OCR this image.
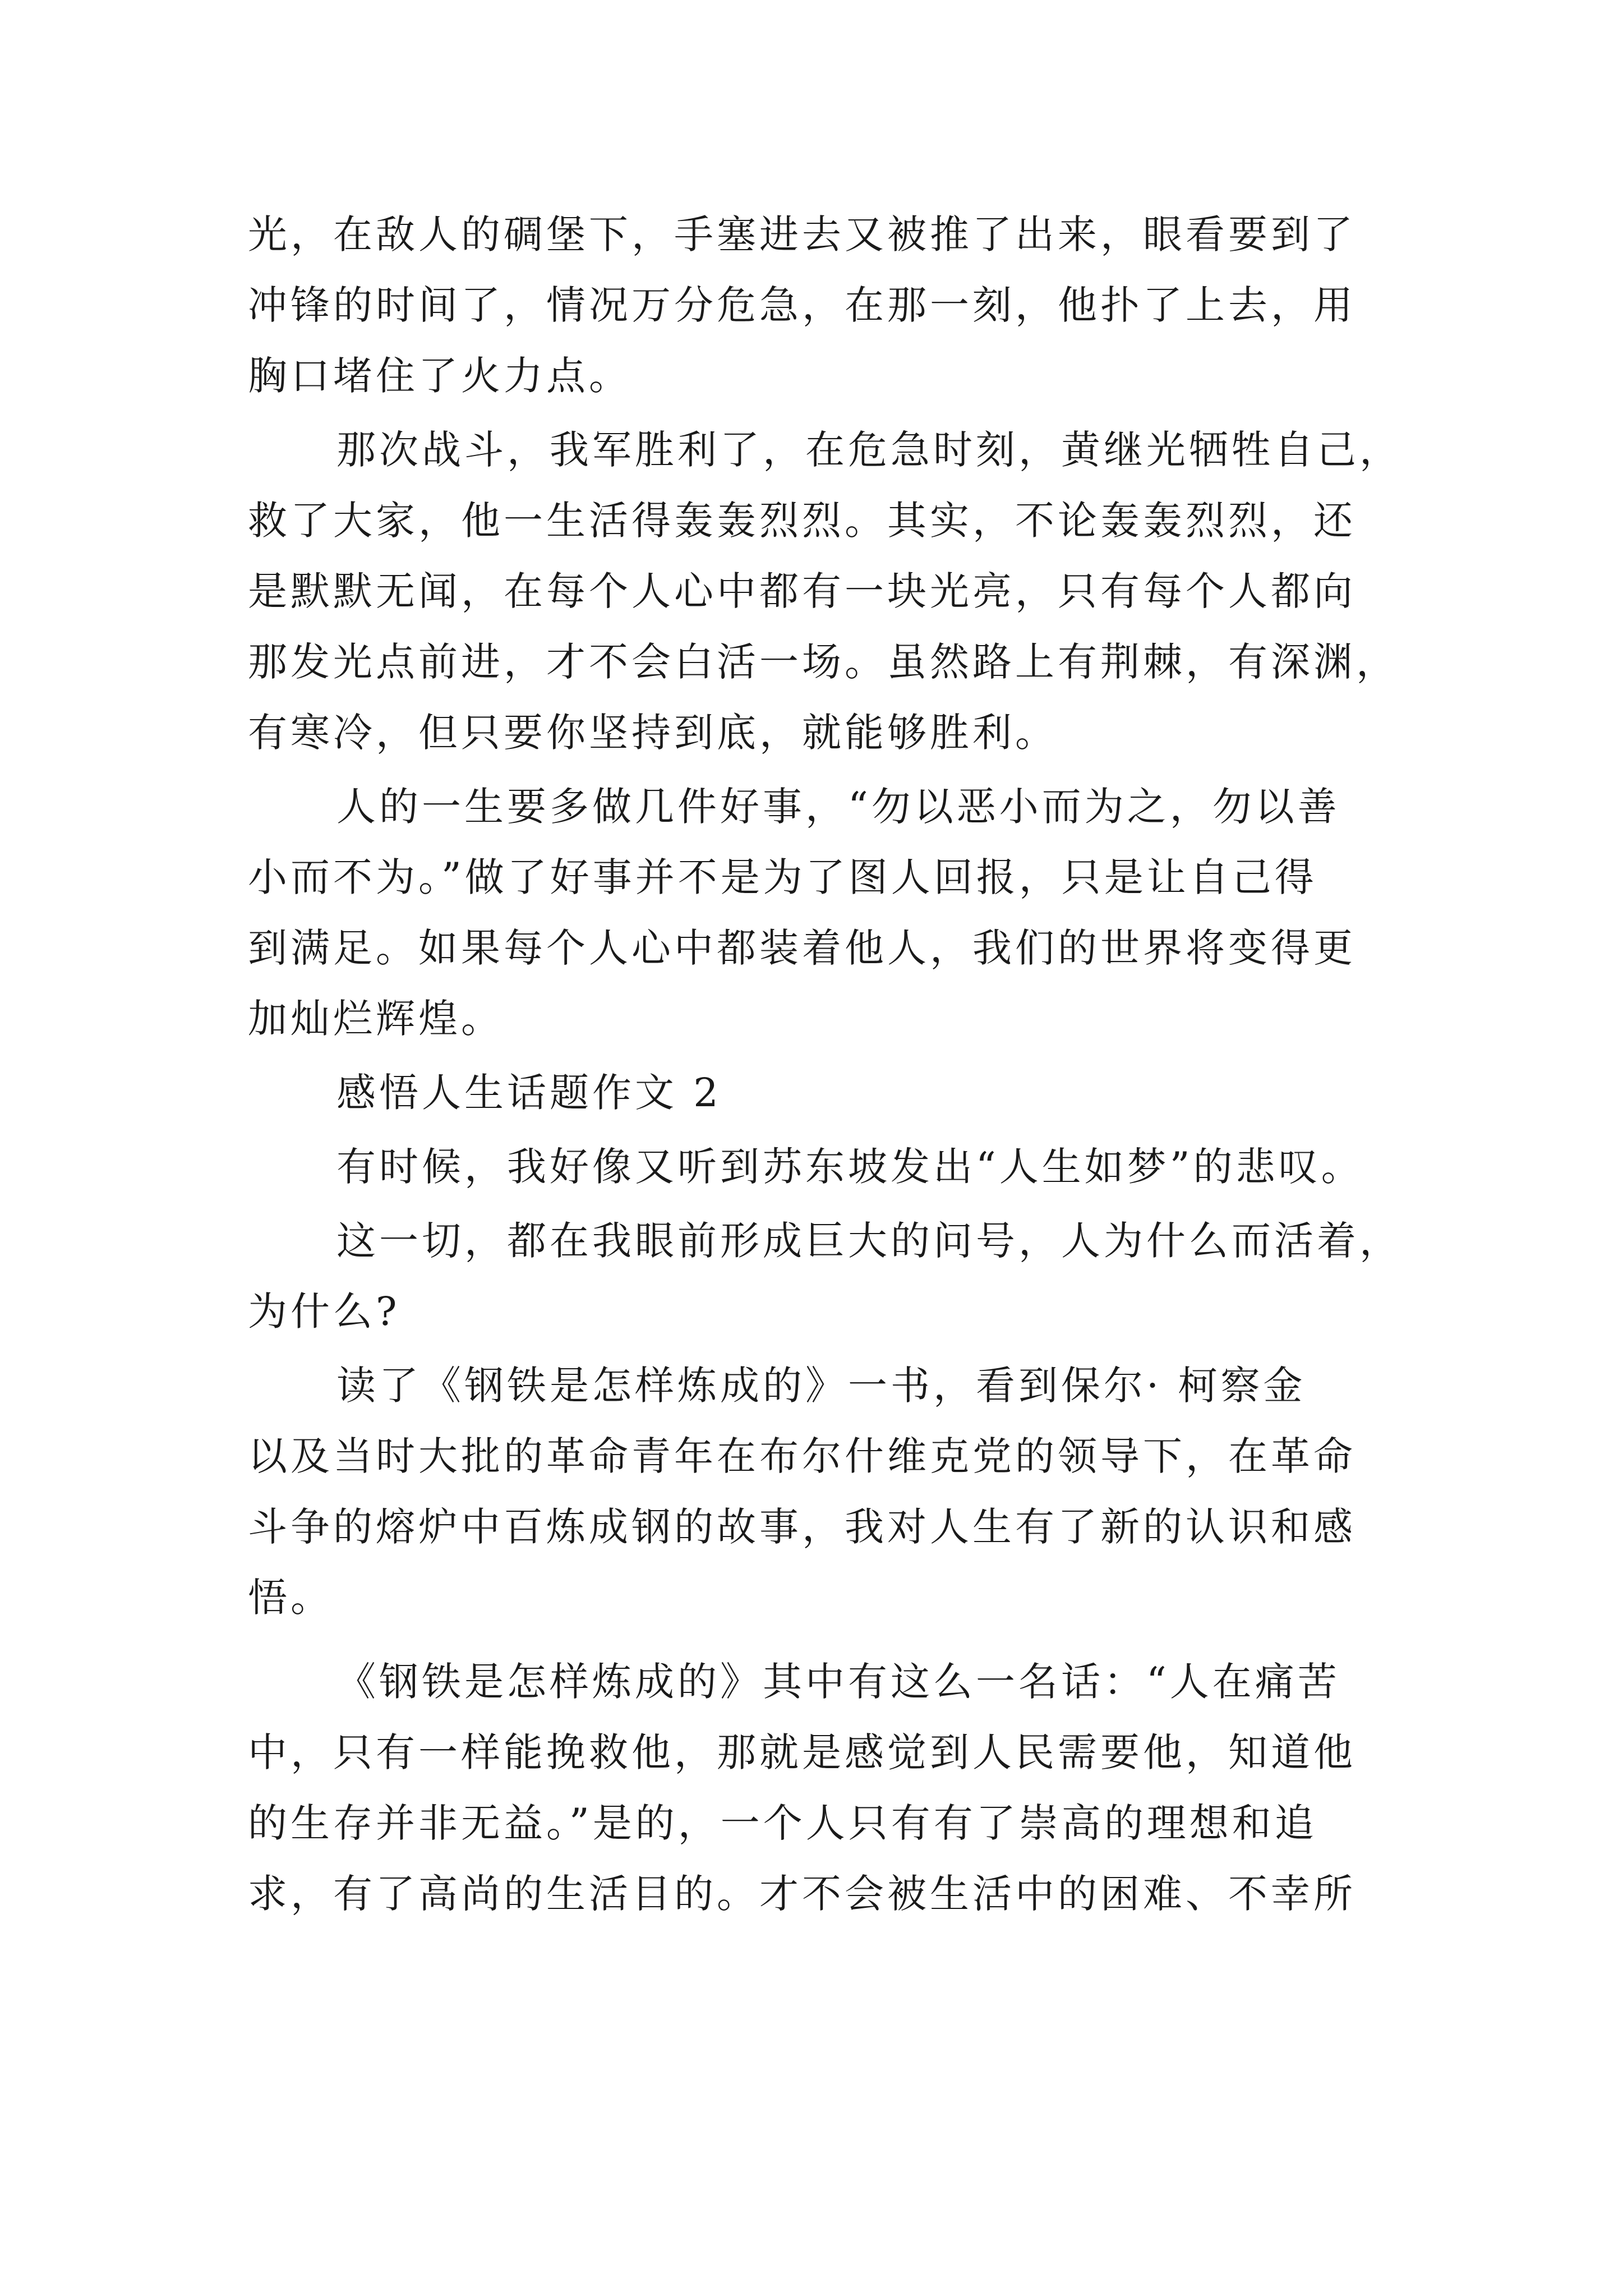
光，在敌人的碉堡下，手塞进去又被推了出来，眼看要到了
冲锋的时间了，情况万分危急，在那一刻，他扑了上去，用
胸口堵住了火力点。
那次战斗，我军胜利了，在危急时刻，黄继光牺牲自己，
救了大家，他一生活得轰轰烈烈。其实，不论轰轰烈烈，还
是默默无闻，在每个人心中都有一块光亮，只有每个人都向
那发光点前进，才不会白活一场。虽然路上有荆棘，有深渊，
有寒冷，但只要你坚持到底，就能够胜利。
人的一生要多做几件好事，“勿以恶小而为之，勿以善
小而不为。”做了好事并不是为了图人回报，只是让自己得
到满足。如果每个人心中都装着他人，我们的世界将变得更
加灿烂辉煌。
感悟人生话题作文 2
有时候，我好像又听到苏东坡发出“人生如梦”的悲叹。
这一切，都在我眼前形成巨大的问号，人为什么而活着，
为什么?
读了《钢铁是怎样炼成的》一书，看到保尔· 柯察金
以及当时大批的革命青年在布尔什维克党的领导下，在革命
斗争的熔炉中百炼成钢的故事，我对人生有了新的认识和感
悟。
《钢铁是怎样炼成的》其中有这么一名话：“人在痛苦
中，只有一样能挽救他，那就是感觉到人民需要他，知道他
的生存并非无益。”是的，一个人只有有了崇高的理想和追
求，有了高尚的生活目的。才不会被生活中的困难、不幸所
